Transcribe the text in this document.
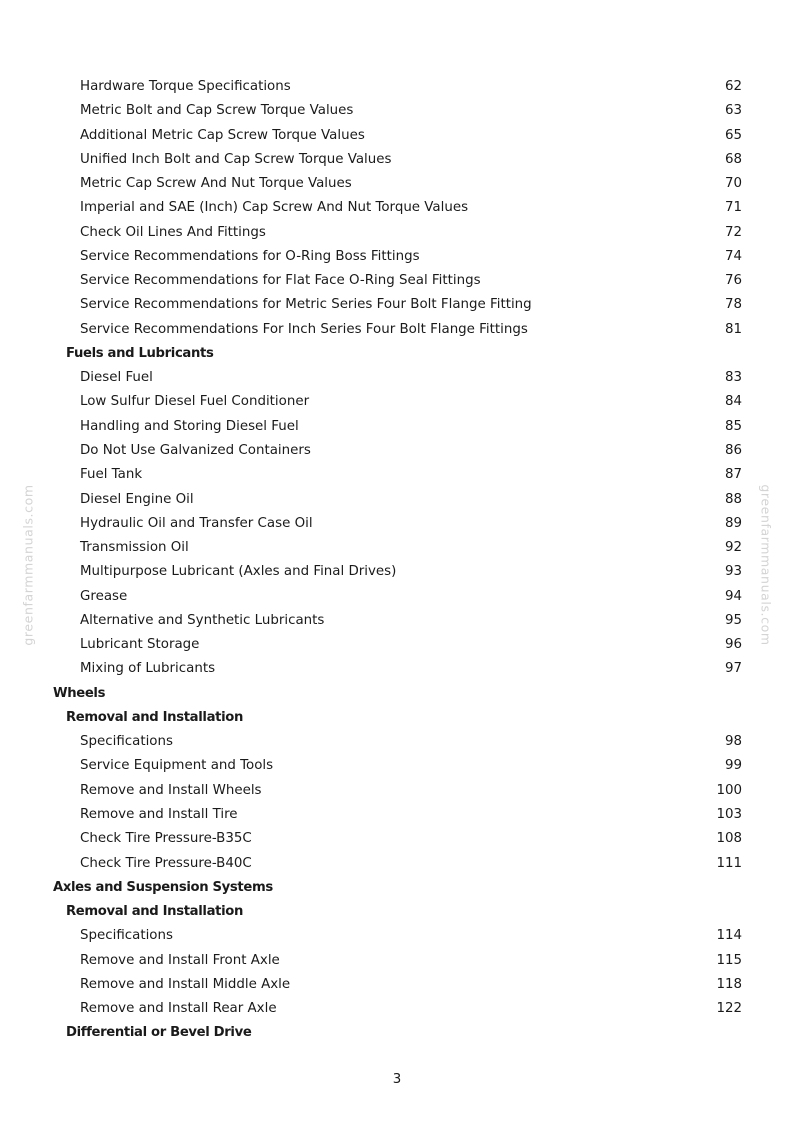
Hardware Torque Specifications	62
Metric Bolt and Cap Screw Torque Values	63
Additional Metric Cap Screw Torque Values	65
Unified Inch Bolt and Cap Screw Torque Values	68
Metric Cap Screw And Nut Torque Values	70
Imperial and SAE (Inch) Cap Screw And Nut Torque Values	71
Check Oil Lines And Fittings	72
Service Recommendations for O-Ring Boss Fittings	74
Service Recommendations for Flat Face O-Ring Seal Fittings	76
Service Recommendations for Metric Series Four Bolt Flange Fitting	78
Service Recommendations For Inch Series Four Bolt Flange Fittings	81
Fuels and Lubricants
Diesel Fuel	83
Low Sulfur Diesel Fuel Conditioner	84
Handling and Storing Diesel Fuel	85
Do Not Use Galvanized Containers	86
Fuel Tank	87
Diesel Engine Oil	88
Hydraulic Oil and Transfer Case Oil	89
Transmission Oil	92
Multipurpose Lubricant (Axles and Final Drives)	93
Grease	94
Alternative and Synthetic Lubricants	95
Lubricant Storage	96
Mixing of Lubricants	97
Wheels
Removal and Installation
Specifications	98
Service Equipment and Tools	99
Remove and Install Wheels	100
Remove and Install Tire	103
Check Tire Pressure-B35C	108
Check Tire Pressure-B40C	111
Axles and Suspension Systems
Removal and Installation
Specifications	114
Remove and Install Front Axle	115
Remove and Install Middle Axle	118
Remove and Install Rear Axle	122
Differential or Bevel Drive
3
greenfarmmanuals.com	greenfarmmanuals.com
